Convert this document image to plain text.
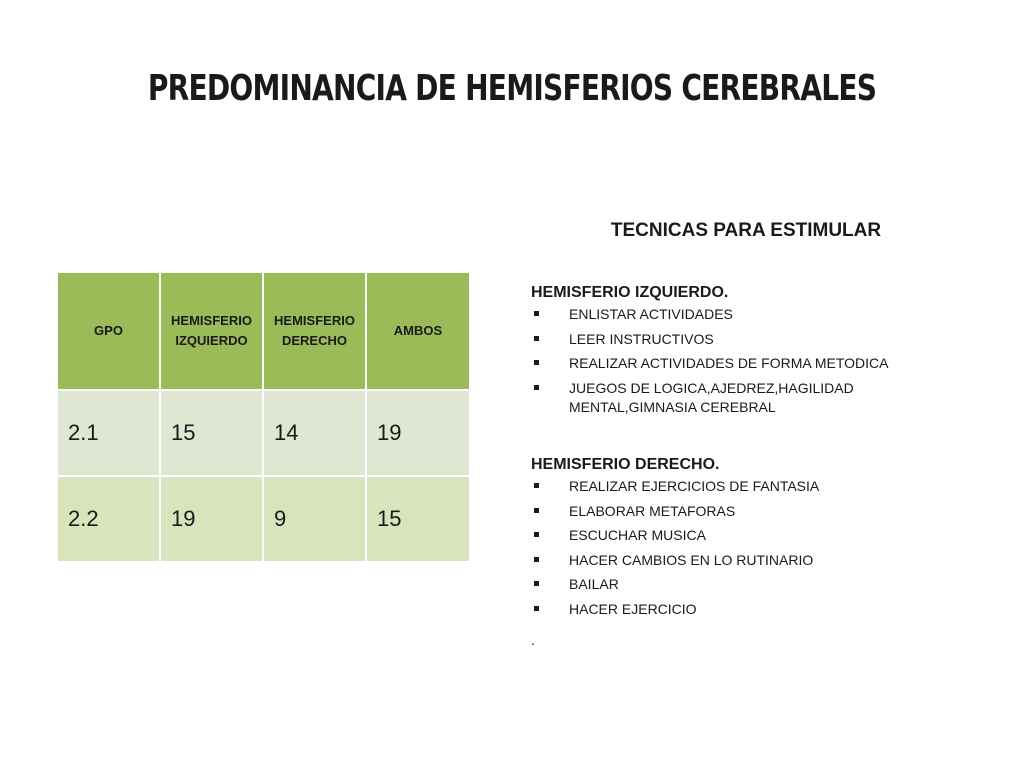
PREDOMINANCIA DE HEMISFERIOS CEREBRALES
GPO	HEMISFERIO IZQUIERDO	HEMISFERIO DERECHO	AMBOS
2.1	15	14	19
2.2	19	9	15
TECNICAS PARA ESTIMULAR
HEMISFERIO IZQUIERDO.
ENLISTAR ACTIVIDADES
LEER INSTRUCTIVOS
REALIZAR ACTIVIDADES DE FORMA METODICA
JUEGOS DE LOGICA,AJEDREZ,HAGILIDAD MENTAL,GIMNASIA CEREBRAL
HEMISFERIO DERECHO.
REALIZAR EJERCICIOS DE FANTASIA
ELABORAR METAFORAS
ESCUCHAR MUSICA
HACER CAMBIOS EN LO RUTINARIO
BAILAR
HACER EJERCICIO
.
